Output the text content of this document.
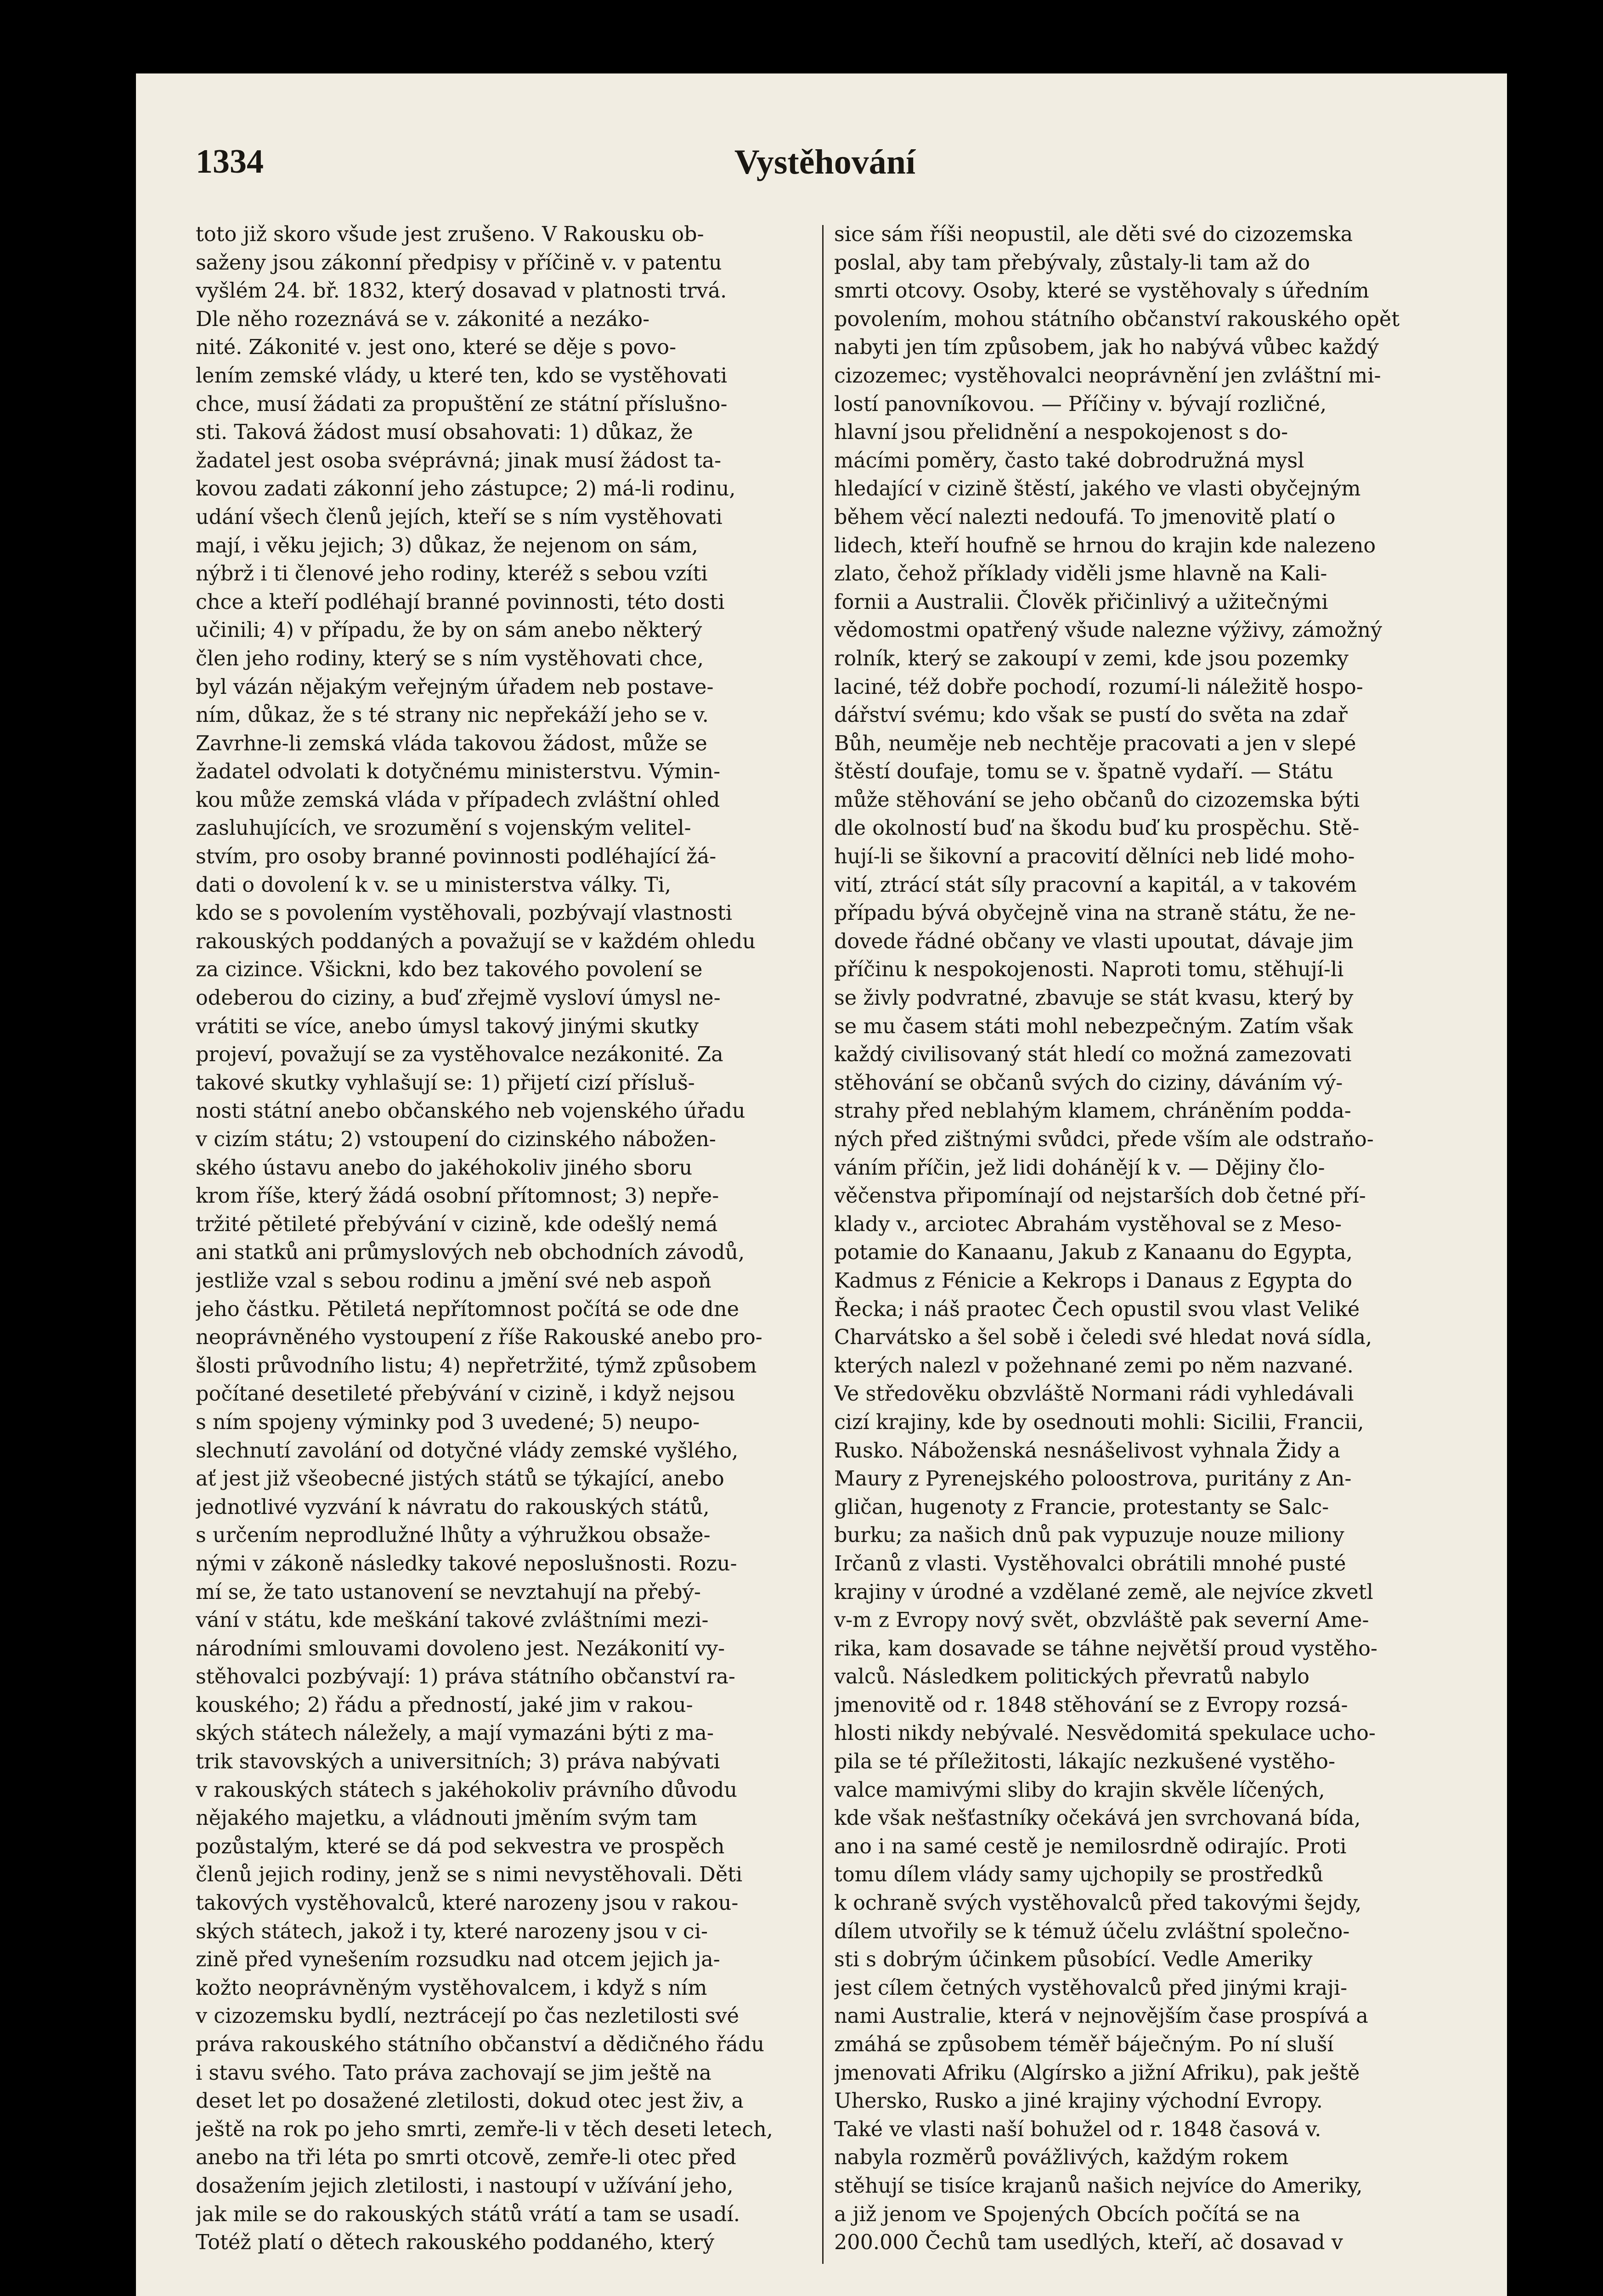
1334	Vystěhování
toto již skoro všude jest zrušeno. V Rakousku ob-
saženy jsou zákonní předpisy v příčině v. v patentu
vyšlém 24. bř. 1832, který dosavad v platnosti trvá.
Dle něho rozeznává se v. zákonité a nezáko-
nité. Zákonité v. jest ono, které se děje s povo-
lením zemské vlády, u které ten, kdo se vystěhovati
chce, musí žádati za propuštění ze státní příslušno-
sti. Taková žádost musí obsahovati: 1) důkaz, že
žadatel jest osoba svéprávná; jinak musí žádost ta-
kovou zadati zákonní jeho zástupce; 2) má-li rodinu,
udání všech členů jejích, kteří se s ním vystěhovati
mají, i věku jejich; 3) důkaz, že nejenom on sám,
nýbrž i ti členové jeho rodiny, kteréž s sebou vzíti
chce a kteří podléhají branné povinnosti, této dosti
učinili; 4) v případu, že by on sám anebo některý
člen jeho rodiny, který se s ním vystěhovati chce,
byl vázán nějakým veřejným úřadem neb postave-
ním, důkaz, že s té strany nic nepřekáží jeho se v.
Zavrhne-li zemská vláda takovou žádost, může se
žadatel odvolati k dotyčnému ministerstvu. Výmin-
kou může zemská vláda v případech zvláštní ohled
zasluhujících, ve srozumění s vojenským velitel-
stvím, pro osoby branné povinnosti podléhající žá-
dati o dovolení k v. se u ministerstva války. Ti,
kdo se s povolením vystěhovali, pozbývají vlastnosti
rakouských poddaných a považují se v každém ohledu
za cizince. Všickni, kdo bez takového povolení se
odeberou do ciziny, a buď zřejmě vysloví úmysl ne-
vrátiti se více, anebo úmysl takový jinými skutky
projeví, považují se za vystěhovalce nezákonité. Za
takové skutky vyhlašují se: 1) přijetí cizí přísluš-
nosti státní anebo občanského neb vojenského úřadu
v cizím státu; 2) vstoupení do cizinského nábožen-
ského ústavu anebo do jakéhokoliv jiného sboru
krom říše, který žádá osobní přítomnost; 3) nepře-
tržité pětileté přebývání v cizině, kde odešlý nemá
ani statků ani průmyslových neb obchodních závodů,
jestliže vzal s sebou rodinu a jmění své neb aspoň
jeho částku. Pětiletá nepřítomnost počítá se ode dne
neoprávněného vystoupení z říše Rakouské anebo pro-
šlosti průvodního listu; 4) nepřetržité, týmž způsobem
počítané desetileté přebývání v cizině, i když nejsou
s ním spojeny výminky pod 3 uvedené; 5) neupo-
slechnutí zavolání od dotyčné vlády zemské vyšlého,
ať jest již všeobecné jistých států se týkající, anebo
jednotlivé vyzvání k návratu do rakouských států,
s určením neprodlužné lhůty a výhružkou obsaže-
nými v zákoně následky takové neposlušnosti. Rozu-
mí se, že tato ustanovení se nevztahují na přebý-
vání v státu, kde meškání takové zvláštními mezi-
národními smlouvami dovoleno jest. Nezákonití vy-
stěhovalci pozbývají: 1) práva státního občanství ra-
kouského; 2) řádu a předností, jaké jim v rakou-
ských státech náležely, a mají vymazáni býti z ma-
trik stavovských a universitních; 3) práva nabývati
v rakouských státech s jakéhokoliv právního důvodu
nějakého majetku, a vládnouti jměním svým tam
pozůstalým, které se dá pod sekvestra ve prospěch
členů jejich rodiny, jenž se s nimi nevystěhovali. Děti
takových vystěhovalců, které narozeny jsou v rakou-
ských státech, jakož i ty, které narozeny jsou v ci-
zině před vynešením rozsudku nad otcem jejich ja-
kožto neoprávněným vystěhovalcem, i když s ním
v cizozemsku bydlí, neztrácejí po čas nezletilosti své
práva rakouského státního občanství a dědičného řádu
i stavu svého. Tato práva zachovají se jim ještě na
deset let po dosažené zletilosti, dokud otec jest živ, a
ještě na rok po jeho smrti, zemře-li v těch deseti letech,
anebo na tři léta po smrti otcově, zemře-li otec před
dosažením jejich zletilosti, i nastoupí v užívání jeho,
jak mile se do rakouských států vrátí a tam se usadí.
Totéž platí o dětech rakouského poddaného, který
sice sám říši neopustil, ale děti své do cizozemska
poslal, aby tam přebývaly, zůstaly-li tam až do
smrti otcovy. Osoby, které se vystěhovaly s úředním
povolením, mohou státního občanství rakouského opět
nabyti jen tím způsobem, jak ho nabývá vůbec každý
cizozemec; vystěhovalci neoprávnění jen zvláštní mi-
lostí panovníkovou. — Příčiny v. bývají rozličné,
hlavní jsou přelidnění a nespokojenost s do-
mácími poměry, často také dobrodružná mysl
hledající v cizině štěstí, jakého ve vlasti obyčejným
během věcí nalezti nedoufá. To jmenovitě platí o
lidech, kteří houfně se hrnou do krajin kde nalezeno
zlato, čehož příklady viděli jsme hlavně na Kali-
fornii a Australii. Člověk přičinlivý a užitečnými
vědomostmi opatřený všude nalezne výživy, zámožný
rolník, který se zakoupí v zemi, kde jsou pozemky
laciné, též dobře pochodí, rozumí-li náležitě hospo-
dářství svému; kdo však se pustí do světa na zdař
Bůh, neuměje neb nechtěje pracovati a jen v slepé
štěstí doufaje, tomu se v. špatně vydaří. — Státu
může stěhování se jeho občanů do cizozemska býti
dle okolností buď na škodu buď ku prospěchu. Stě-
hují-li se šikovní a pracovití dělníci neb lidé moho-
vití, ztrácí stát síly pracovní a kapitál, a v takovém
případu bývá obyčejně vina na straně státu, že ne-
dovede řádné občany ve vlasti upoutat, dávaje jim
příčinu k nespokojenosti. Naproti tomu, stěhují-li
se živly podvratné, zbavuje se stát kvasu, který by
se mu časem státi mohl nebezpečným. Zatím však
každý civilisovaný stát hledí co možná zamezovati
stěhování se občanů svých do ciziny, dáváním vý-
strahy před neblahým klamem, chráněním podda-
ných před zištnými svůdci, přede vším ale odstraňo-
váním příčin, jež lidi dohánějí k v. — Dějiny člo-
věčenstva připomínají od nejstarších dob četné pří-
klady v., arciotec Abrahám vystěhoval se z Meso-
potamie do Kanaanu, Jakub z Kanaanu do Egypta,
Kadmus z Fénicie a Kekrops i Danaus z Egypta do
Řecka; i náš praotec Čech opustil svou vlast Veliké
Charvátsko a šel sobě i čeledi své hledat nová sídla,
kterých nalezl v požehnané zemi po něm nazvané.
Ve středověku obzvláště Normani rádi vyhledávali
cizí krajiny, kde by osednouti mohli: Sicilii, Francii,
Rusko. Náboženská nesnášelivost vyhnala Židy a
Maury z Pyrenejského poloostrova, puritány z An-
gličan, hugenoty z Francie, protestanty se Salc-
burku; za našich dnů pak vypuzuje nouze miliony
Irčanů z vlasti. Vystěhovalci obrátili mnohé pusté
krajiny v úrodné a vzdělané země, ale nejvíce zkvetl
v-m z Evropy nový svět, obzvláště pak severní Ame-
rika, kam dosavade se táhne největší proud vystěho-
valců. Následkem politických převratů nabylo
jmenovitě od r. 1848 stěhování se z Evropy rozsá-
hlosti nikdy nebývalé. Nesvědomitá spekulace ucho-
pila se té příležitosti, lákajíc nezkušené vystěho-
valce mamivými sliby do krajin skvěle líčených,
kde však nešťastníky očekává jen svrchovaná bída,
ano i na samé cestě je nemilosrdně odirajíc. Proti
tomu dílem vlády samy ujchopily se prostředků
k ochraně svých vystěhovalců před takovými šejdy,
dílem utvořily se k témuž účelu zvláštní společno-
sti s dobrým účinkem působící. Vedle Ameriky
jest cílem četných vystěhovalců před jinými kraji-
nami Australie, která v nejnovějším čase prospívá a
zmáhá se způsobem téměř báječným. Po ní sluší
jmenovati Afriku (Algírsko a jižní Afriku), pak ještě
Uhersko, Rusko a jiné krajiny východní Evropy.
Také ve vlasti naší bohužel od r. 1848 časová v.
nabyla rozměrů povážlivých, každým rokem
stěhují se tisíce krajanů našich nejvíce do Ameriky,
a již jenom ve Spojených Obcích počítá se na
200.000 Čechů tam usedlých, kteří, ač dosavad v
